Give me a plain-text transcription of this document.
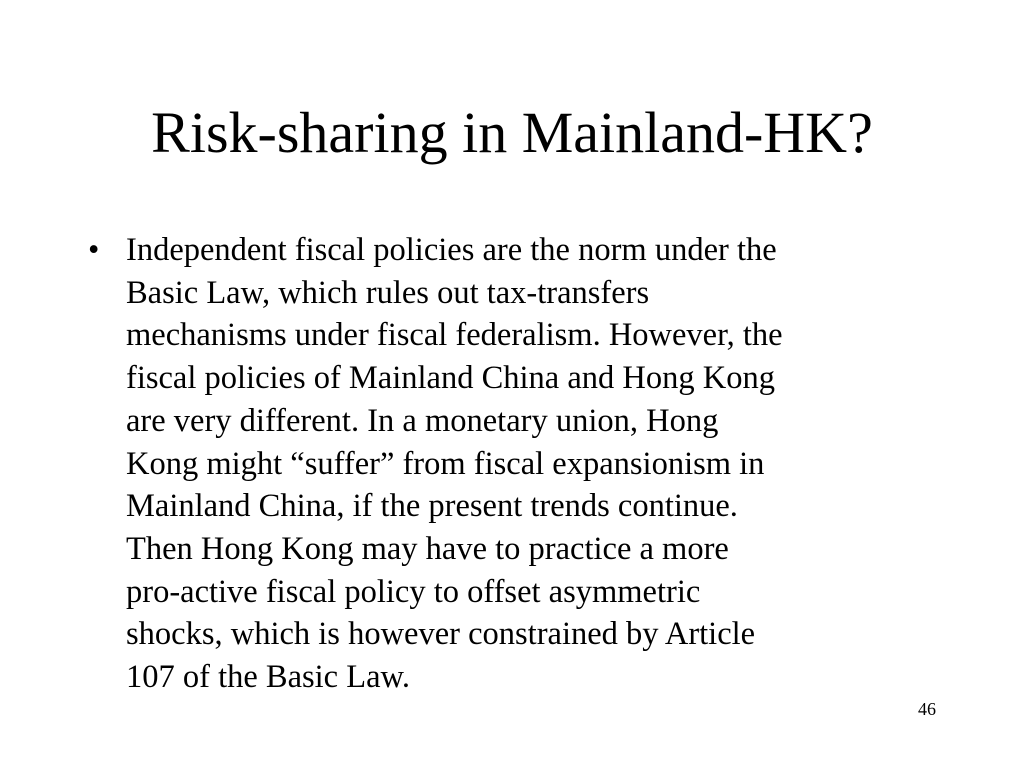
Risk-sharing in Mainland-HK?
• Independent fiscal policies are the norm under the
Basic Law, which rules out tax-transfers
mechanisms under fiscal federalism. However, the
fiscal policies of Mainland China and Hong Kong
are very different. In a monetary union, Hong
Kong might “suffer” from fiscal expansionism in
Mainland China, if the present trends continue.
Then Hong Kong may have to practice a more
pro-active fiscal policy to offset asymmetric
shocks, which is however constrained by Article
107 of the Basic Law.
46
